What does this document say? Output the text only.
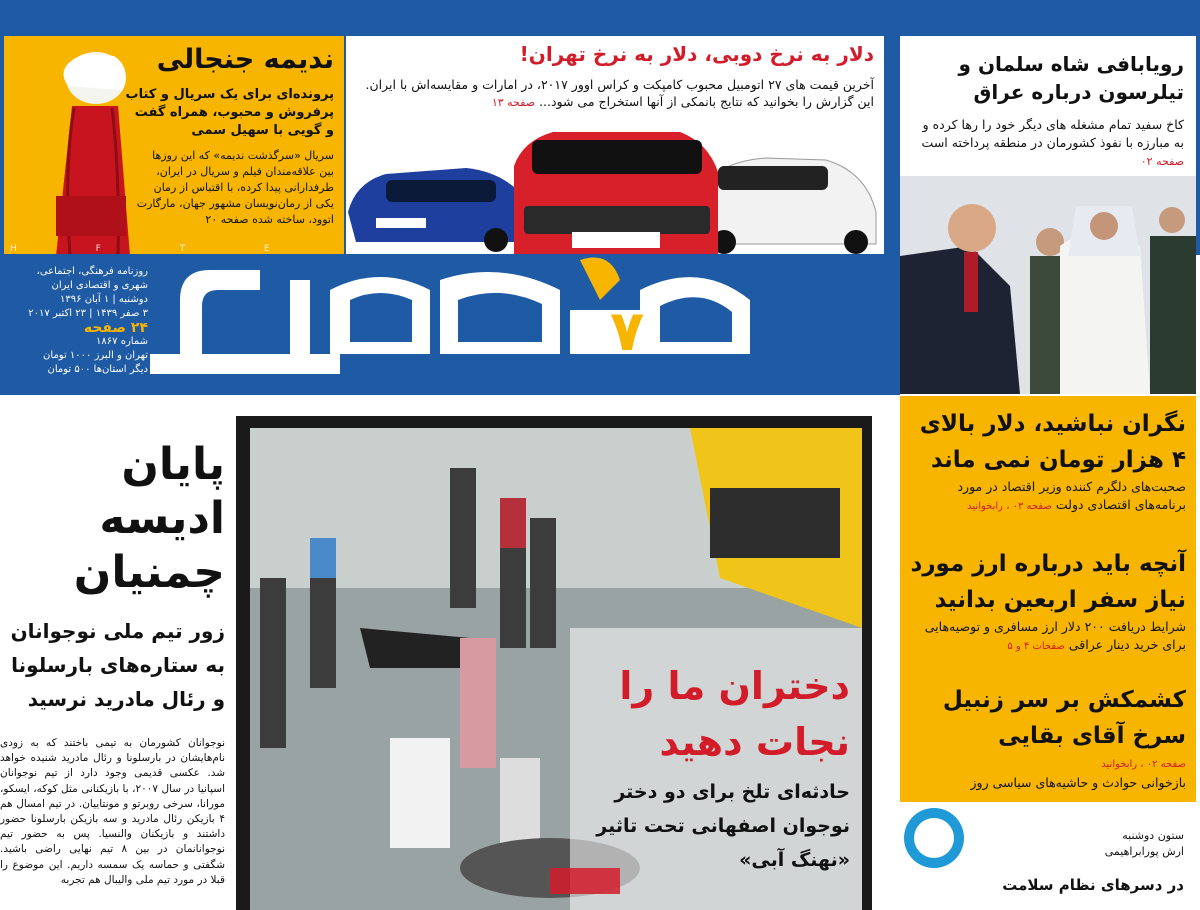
ندیمه جنجالی
پرونده‌ای برای یک سریال و کتاب پرفروش و محبوب، همراه گفت و گویی با سهیل سمی
سریال «سرگذشت ندیمه» که این روزها بین علاقه‌مندان فیلم و سریال در ایران، طرفدارانی پیدا کرده، با اقتباس از رمان یکی از رمان‌نویسان مشهور جهان، مارگارت اتوود، ساخته شده صفحه ۲۰
دلار به نرخ دوبی، دلار به نرخ تهران!
آخرین قیمت های ۲۷ اتومبیل محبوب کامپکت و کراس اوور ۲۰۱۷، در امارات و مقایسه‌اش با ایران. این گزارش را بخوانید که نتایج بانمکی از آنها استخراج می شود... صفحه ۱۳
رویابافی شاه سلمان و تیلرسون درباره عراق
کاخ سفید تمام مشغله های دیگر خود را رها کرده و به مبارزه با نفوذ کشورمان در منطقه پرداخته است صفحه ۰۲
H F T E
۷
روزنامه فرهنگی، اجتماعی،
شهری و اقتصادی ایران
دوشنبه | ۱ آبان ۱۳۹۶
۳ صفر ۱۴۳۹ | ۲۳ اکتبر ۲۰۱۷
۲۴ صفحه
شماره ۱۸۶۷
تهران و البرز ۱۰۰۰ تومان
دیگر استان‌ها ۵۰۰ تومان
پایان ادیسه چمنیان
زور تیم ملی نوجوانان به ستاره‌های بارسلونا و رئال مادرید نرسید
نوجوانان کشورمان به تیمی باختند که به زودی نام‌هایشان در بارسلونا و رئال مادرید شنیده خواهد شد. عکسی قدیمی وجود دارد از تیم نوجوانان اسپانیا در سال ۲۰۰۷، با بازیکنانی مثل کوکه، ایسکو، مورانا، سرخی روبرتو و مونتاییان. در تیم امسال هم ۴ بازیکن رئال مادرید و سه بازیکن بارسلونا حضور داشتند و بازیکنان والنسیا. پس به حضور تیم نوجوانانمان در بین ۸ تیم نهایی راضی باشید. شگفتی و حماسه یک سمسه داریم. این موضوع را قبلا در مورد تیم ملی والیبال هم تجربه
دختران ما را نجات دهید
حادثه‌ای تلخ برای دو دختر نوجوان اصفهانی تحت تاثیر «نهنگ آبی»
نگران نباشید، دلار بالای ۴ هزار تومان نمی ماند
صحبت‌های دلگرم کننده وزیر اقتصاد در مورد برنامه‌های اقتصادی دولت صفحه ۰۳ ، رابخوانید
آنچه باید درباره ارز مورد نیاز سفر اربعین بدانید
شرایط دریافت ۲۰۰ دلار ارز مسافری و توصیه‌هایی برای خرید دینار عراقی صفحات ۴ و ۵
کشمکش بر سر زنبیل سرخ آقای بقایی
صفحه ۰۲ ، رابخوانید
بازخوانی حوادث و حاشیه‌های سیاسی روز
ستون دوشنبه
ارش پورابراهیمی
در دسرهای نظام سلامت
